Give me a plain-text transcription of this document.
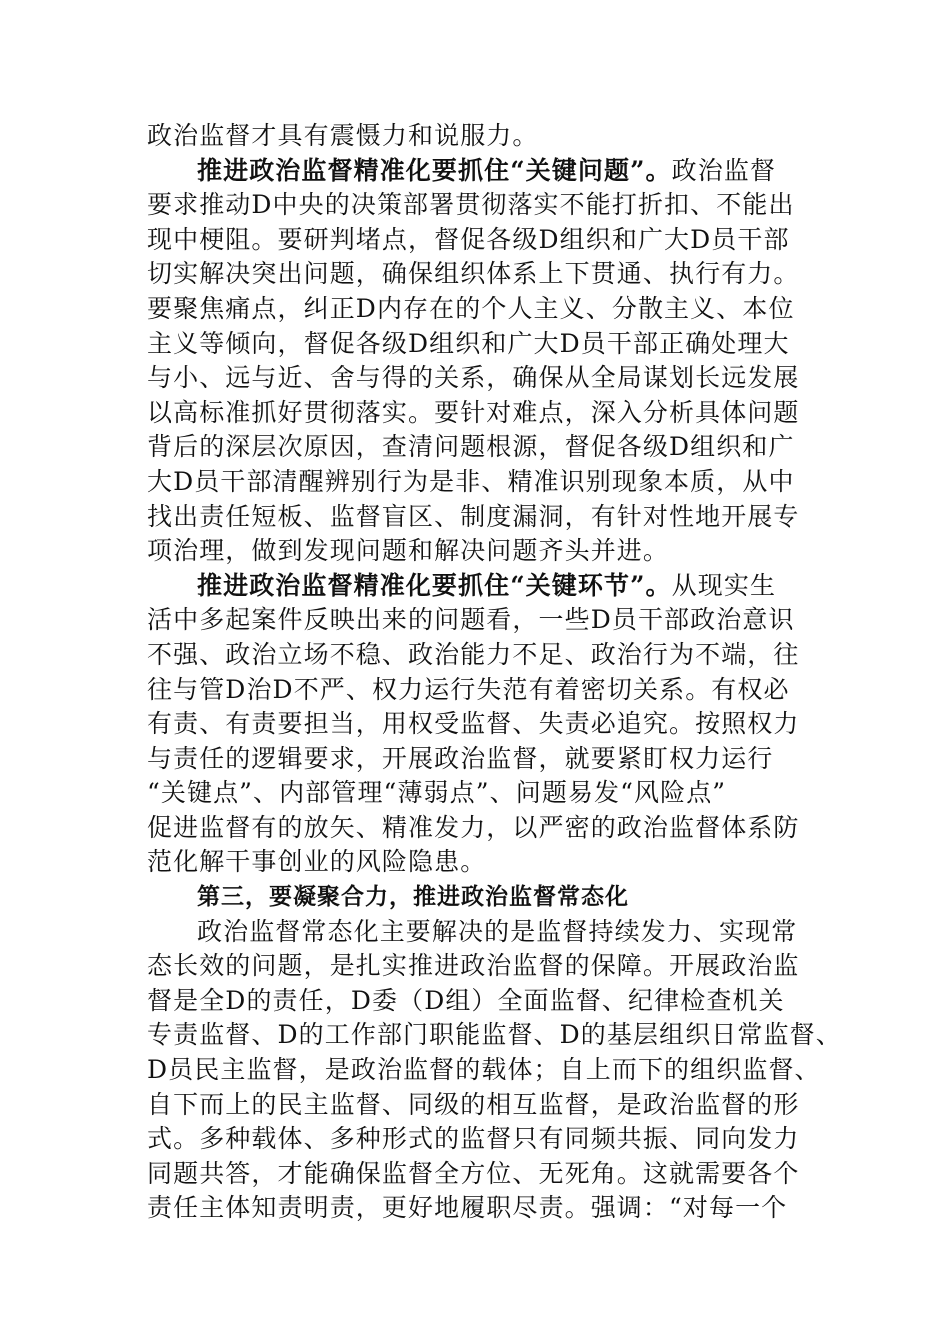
政治监督才具有震慑力和说服力。
推进政治监督精准化要抓住“关键问题”。政治监督
要求推动D中央的决策部署贯彻落实不能打折扣、不能出
现中梗阻。要研判堵点，督促各级D组织和广大D员干部
切实解决突出问题，确保组织体系上下贯通、执行有力。
要聚焦痛点，纠正D内存在的个人主义、分散主义、本位
主义等倾向，督促各级D组织和广大D员干部正确处理大
与小、远与近、舍与得的关系，确保从全局谋划长远发展
以高标准抓好贯彻落实。要针对难点，深入分析具体问题
背后的深层次原因，查清问题根源，督促各级D组织和广
大D员干部清醒辨别行为是非、精准识别现象本质，从中
找出责任短板、监督盲区、制度漏洞，有针对性地开展专
项治理，做到发现问题和解决问题齐头并进。
推进政治监督精准化要抓住“关键环节”。从现实生
活中多起案件反映出来的问题看，一些D员干部政治意识
不强、政治立场不稳、政治能力不足、政治行为不端，往
往与管D治D不严、权力运行失范有着密切关系。有权必
有责、有责要担当，用权受监督、失责必追究。按照权力
与责任的逻辑要求，开展政治监督，就要紧盯权力运行
“关键点”、内部管理“薄弱点”、问题易发“风险点”
促进监督有的放矢、精准发力，以严密的政治监督体系防
范化解干事创业的风险隐患。
第三，要凝聚合力，推进政治监督常态化
政治监督常态化主要解决的是监督持续发力、实现常
态长效的问题，是扎实推进政治监督的保障。开展政治监
督是全D的责任，D委（D组）全面监督、纪律检查机关
专责监督、D的工作部门职能监督、D的基层组织日常监督、
D员民主监督，是政治监督的载体；自上而下的组织监督、
自下而上的民主监督、同级的相互监督，是政治监督的形
式。多种载体、多种形式的监督只有同频共振、同向发力
同题共答，才能确保监督全方位、无死角。这就需要各个
责任主体知责明责，更好地履职尽责。强调：“对每一个
